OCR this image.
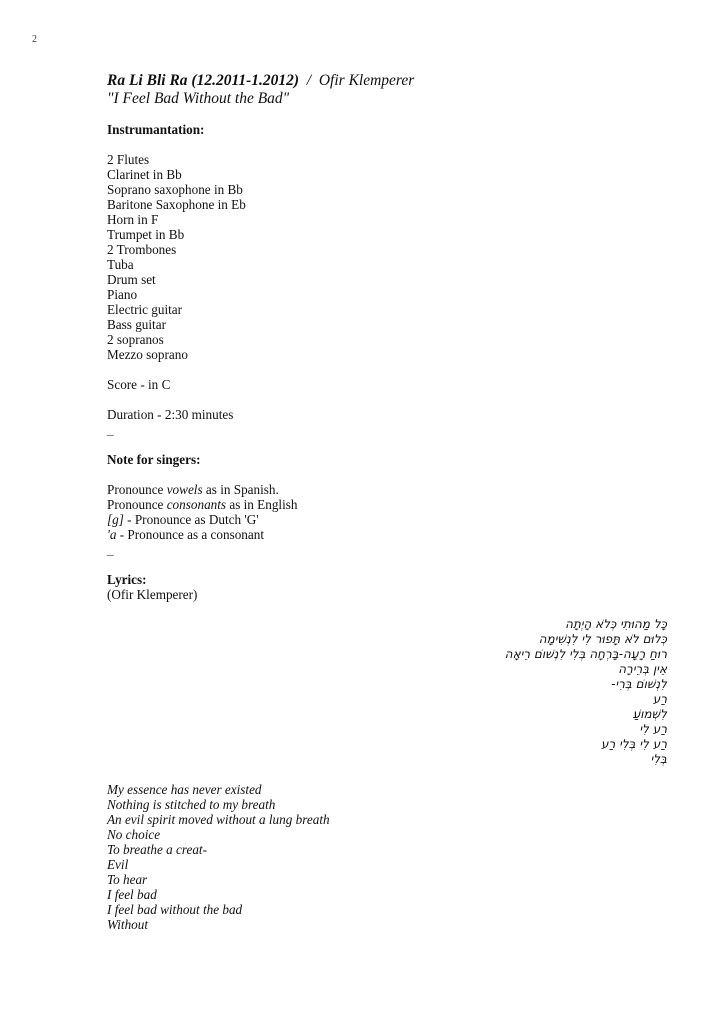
2
Ra Li Bli Ra (12.2011-1.2012) / Ofir Klemperer
"I Feel Bad Without the Bad"
Instrumantation:
2 Flutes
Clarinet in Bb
Soprano saxophone in Bb
Baritone Saxophone in Eb
Horn in F
Trumpet in Bb
2 Trombones
Tuba
Drum set
Piano
Electric guitar
Bass guitar
2 sopranos
Mezzo soprano
Score - in C
Duration - 2:30 minutes
_
Note for singers:
Pronounce vowels as in Spanish.
Pronounce consonants as in English
[g] - Pronounce as Dutch 'G'
'a - Pronounce as a consonant
_
Lyrics:
(Ofir Klemperer)
כָּל מַהוּתִי כְּלֹא הָיְתָה
כְּלוּם לֹא תָּפוּר לִי לִנְשִׁימָה
רוּחַ רָעָה-בָּרְחָה בְּלִי לִנְשׁוֹם רֵיאָה
אֵין בְּרֵירָה
לִנְשׁוֹם בְּרִי-
רַע
לִשְׁמוֹעַ
רַע לִי
רַע לִי בְּלִי רַע
בְּלִי
My essence has never existed
Nothing is stitched to my breath
An evil spirit moved without a lung breath
No choice
To breathe a creat-
Evil
To hear
I feel bad
I feel bad without the bad
Without
